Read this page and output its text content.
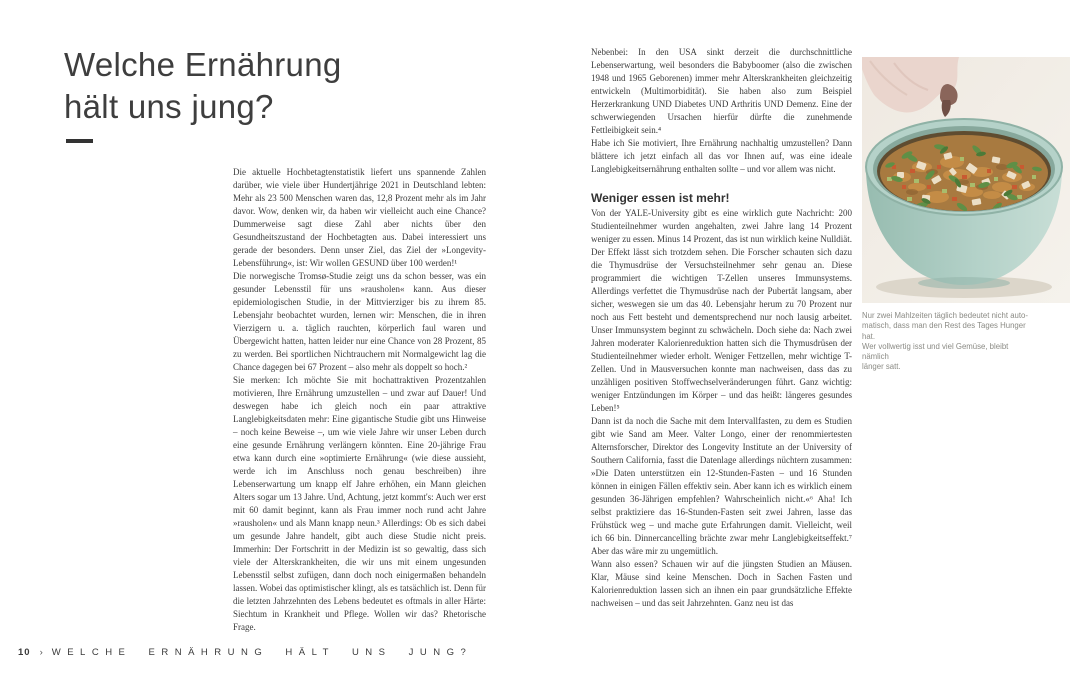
Welche Ernährung
hält uns jung?

Die aktuelle Hochbetagtenstatistik liefert uns spannende Zahlen darüber, wie viele über Hundertjährige 2021 in Deutschland lebten: Mehr als 23 500 Menschen waren das, 12,8 Prozent mehr als im Jahr davor. Wow, denken wir, da haben wir vielleicht auch eine Chance? Dummerweise sagt diese Zahl aber nichts über den Gesundheitszustand der Hochbetagten aus. Dabei interessiert uns gerade der besonders. Denn unser Ziel, das Ziel der »Longevity-Lebensführung«, ist: Wir wollen GESUND über 100 werden!¹

Die norwegische Tromsø-Studie zeigt uns da schon besser, was ein gesunder Lebensstil für uns »rausholen« kann. Aus dieser epidemiologischen Studie, in der Mittvierziger bis zu ihrem 85. Lebensjahr beobachtet wurden, lernen wir: Menschen, die in ihren Vierzigern u. a. täglich rauchten, körperlich faul waren und Übergewicht hatten, hatten leider nur eine Chance von 28 Prozent, 85 zu werden. Bei sportlichen Nichtrauchern mit Normalgewicht lag die Chance dagegen bei 67 Prozent – also mehr als doppelt so hoch.²

Sie merken: Ich möchte Sie mit hochattraktiven Prozentzahlen motivieren, Ihre Ernährung umzustellen – und zwar auf Dauer! Und deswegen habe ich gleich noch ein paar attraktive Langlebigkeitsdaten mehr: Eine gigantische Studie gibt uns Hinweise – noch keine Beweise –, um wie viele Jahre wir unser Leben durch eine gesunde Ernährung verlängern könnten. Eine 20-jährige Frau etwa kann durch eine »optimierte Ernährung« (wie diese aussieht, werde ich im Anschluss noch genau beschreiben) ihre Lebenserwartung um knapp elf Jahre erhöhen, ein Mann gleichen Alters sogar um 13 Jahre. Und, Achtung, jetzt kommt's: Auch wer erst mit 60 damit beginnt, kann als Frau immer noch rund acht Jahre »rausholen« und als Mann knapp neun.³ Allerdings: Ob es sich dabei um gesunde Jahre handelt, gibt auch diese Studie nicht preis. Immerhin: Der Fortschritt in der Medizin ist so gewaltig, dass sich viele der Alterskrankheiten, die wir uns mit einem ungesunden Lebensstil selbst zufügen, dann doch noch einigermaßen behandeln lassen. Wobei das optimistischer klingt, als es tatsächlich ist. Denn für die letzten Jahrzehnten des Lebens bedeutet es oftmals in aller Härte: Siechtum in Krankheit und Pflege. Wollen wir das? Rhetorische Frage.

10 › WELCHE ERNÄHRUNG HÄLT UNS JUNG?

Nebenbei: In den USA sinkt derzeit die durchschnittliche Lebenserwartung, weil besonders die Babyboomer (also die zwischen 1948 und 1965 Geborenen) immer mehr Alterskrankheiten gleichzeitig entwickeln (Multimorbidität). Sie haben also zum Beispiel Herzerkrankung UND Diabetes UND Arthritis UND Demenz. Eine der schwerwiegenden Ursachen hierfür dürfte die zunehmende Fettleibigkeit sein.⁴

Habe ich Sie motiviert, Ihre Ernährung nachhaltig umzustellen? Dann blättere ich jetzt einfach all das vor Ihnen auf, was eine ideale Langlebigkeitsernährung enthalten sollte – und vor allem was nicht.

Weniger essen ist mehr!

Von der YALE-University gibt es eine wirklich gute Nachricht: 200 Studienteilnehmer wurden angehalten, zwei Jahre lang 14 Prozent weniger zu essen. Minus 14 Prozent, das ist nun wirklich keine Nulldiät. Der Effekt lässt sich trotzdem sehen. Die Forscher schauten sich dazu die Thymusdrüse der Versuchsteilnehmer sehr genau an. Diese programmiert die wichtigen T-Zellen unseres Immunsystems. Allerdings verfettet die Thymusdrüse nach der Pubertät langsam, aber sicher, weswegen sie um das 40. Lebensjahr herum zu 70 Prozent nur noch aus Fett besteht und dementsprechend nur noch lausig arbeitet. Unser Immunsystem beginnt zu schwächeln. Doch siehe da: Nach zwei Jahren moderater Kalorienreduktion hatten sich die Thymusdrüsen der Studienteilnehmer wieder erholt. Weniger Fettzellen, mehr wichtige T-Zellen. Und in Mausversuchen konnte man nachweisen, dass das zu unzähligen positiven Stoffwechselveränderungen führt. Ganz wichtig: weniger Entzündungen im Körper – und das heißt: längeres gesundes Leben!⁵

Dann ist da noch die Sache mit dem Intervallfasten, zu dem es Studien gibt wie Sand am Meer. Valter Longo, einer der renommiertesten Alternsforscher, Direktor des Longevity Institute an der University of Southern California, fasst die Datenlage allerdings nüchtern zusammen: »Die Daten unterstützen ein 12-Stunden-Fasten – und 16 Stunden können in einigen Fällen effektiv sein. Aber kann ich es wirklich einem gesunden 36-Jährigen empfehlen? Wahrscheinlich nicht.«⁶ Aha! Ich selbst praktiziere das 16-Stunden-Fasten seit zwei Jahren, lasse das Frühstück weg – und mache gute Erfahrungen damit. Vielleicht, weil ich 66 bin. Dinnercancelling brächte zwar mehr Langlebigkeitseffekt.⁷ Aber das wäre mir zu ungemütlich.

Wann also essen? Schauen wir auf die jüngsten Studien an Mäusen. Klar, Mäuse sind keine Menschen. Doch in Sachen Fasten und Kalorienreduktion lassen sich an ihnen ein paar grundsätzliche Effekte nachweisen – und das seit Jahrzehnten. Ganz neu ist das

Nur zwei Mahlzeiten täglich bedeutet nicht auto-
matisch, dass man den Rest des Tages Hunger hat.
Wer vollwertig isst und viel Gemüse, bleibt nämlich
länger satt.
